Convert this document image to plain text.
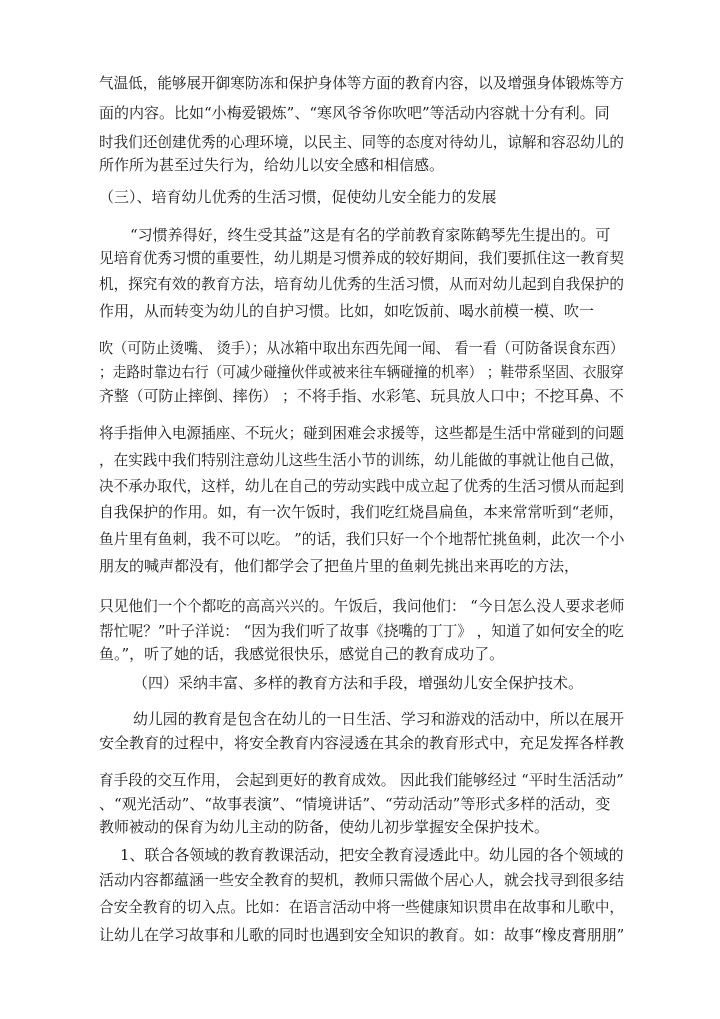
气温低，能够展开御寒防冻和保护身体等方面的教育内容，以及增强身体锻炼等方
面的内容。比如“小梅爱锻炼”、“寒风爷爷你吹吧”等活动内容就十分有利。同
时我们还创建优秀的心理环境，以民主、同等的态度对待幼儿，谅解和容忍幼儿的
所作所为甚至过失行为，给幼儿以安全感和相信感。
（三）、培育幼儿优秀的生活习惯，促使幼儿安全能力的发展
“习惯养得好，终生受其益”这是有名的学前教育家陈鹤琴先生提出的。可
见培育优秀习惯的重要性，幼儿期是习惯养成的较好期间，我们要抓住这一教育契
机，探究有效的教育方法，培育幼儿优秀的生活习惯，从而对幼儿起到自我保护的
作用，从而转变为幼儿的自护习惯。比如，如吃饭前、喝水前模一模、吹一
吹（可防止烫嘴、 烫手）；从冰箱中取出东西先闻一闻、 看一看（可防备误食东西）
；走路时靠边右行（可减少碰撞伙伴或被来往车辆碰撞的机率） ；鞋带系坚固、衣服穿
齐整（可防止摔倒、摔伤） ；不将手指、水彩笔、玩具放人口中；不挖耳鼻、不
将手指伸入电源插座、不玩火；碰到困难会求援等，这些都是生活中常碰到的问题
，在实践中我们特别注意幼儿这些生活小节的训练，幼儿能做的事就让他自己做，
决不承办取代，这样，幼儿在自己的劳动实践中成立起了优秀的生活习惯从而起到
自我保护的作用。如，有一次午饭时，我们吃红烧昌扁鱼，本来常常听到“老师，
鱼片里有鱼刺，我不可以吃。 ”的话，我们只好一个个地帮忙挑鱼刺，此次一个小
朋友的喊声都没有，他们都学会了把鱼片里的鱼刺先挑出来再吃的方法，
只见他们一个个都吃的高高兴兴的。午饭后，我问他们： “今日怎么没人要求老师
帮忙呢？”叶子洋说： “因为我们听了故事《挠嘴的丁丁》 ，知道了如何安全的吃
鱼。”，听了她的话，我感觉很快乐，感觉自己的教育成功了。
（四）采纳丰富、多样的教育方法和手段，增强幼儿安全保护技术。
幼儿园的教育是包含在幼儿的一日生活、学习和游戏的活动中，所以在展开
安全教育的过程中，将安全教育内容浸透在其余的教育形式中，充足发挥各样教
育手段的交互作用， 会起到更好的教育成效。 因此我们能够经过 “平时生活活动”
、“观光活动”、“故事表演”、“情境讲话”、“劳动活动”等形式多样的活动，变
教师被动的保育为幼儿主动的防备，使幼儿初步掌握安全保护技术。
1、联合各领域的教育教课活动，把安全教育浸透此中。幼儿园的各个领域的
活动内容都蕴涵一些安全教育的契机，教师只需做个居心人，就会找寻到很多结
合安全教育的切入点。比如：在语言活动中将一些健康知识贯串在故事和儿歌中，
让幼儿在学习故事和儿歌的同时也遇到安全知识的教育。如：故事“橡皮膏朋朋”
